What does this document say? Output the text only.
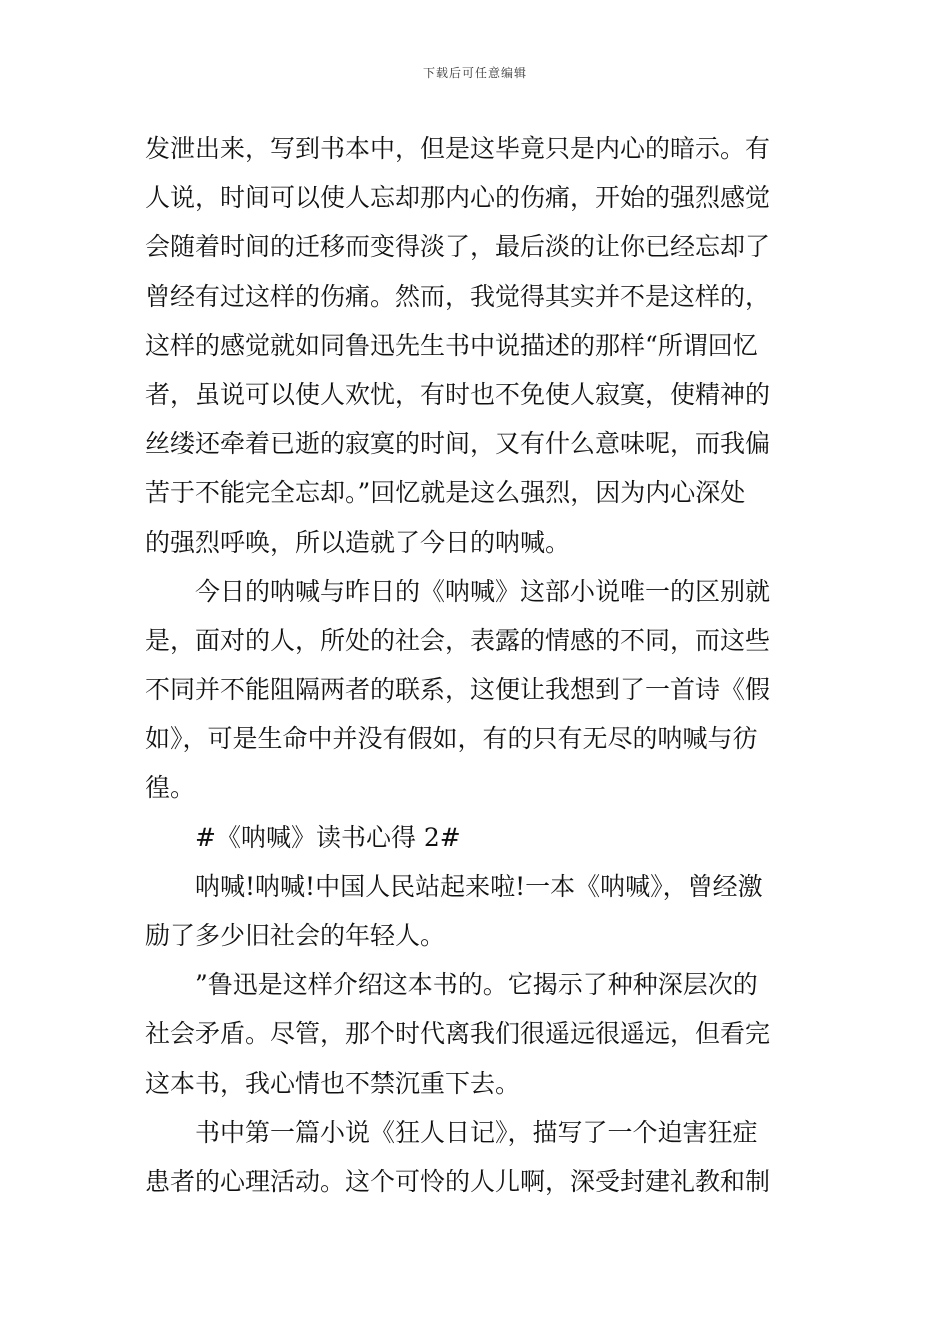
下载后可任意编辑
发泄出来，写到书本中，但是这毕竟只是内心的暗示。有
人说，时间可以使人忘却那内心的伤痛，开始的强烈感觉
会随着时间的迁移而变得淡了，最后淡的让你已经忘却了
曾经有过这样的伤痛。然而，我觉得其实并不是这样的，
这样的感觉就如同鲁迅先生书中说描述的那样“所谓回忆
者，虽说可以使人欢忧，有时也不免使人寂寞，使精神的
丝缕还牵着已逝的寂寞的时间，又有什么意味呢，而我偏
苦于不能完全忘却。”回忆就是这么强烈，因为内心深处
的强烈呼唤，所以造就了今日的呐喊。
今日的呐喊与昨日的《呐喊》这部小说唯一的区别就
是，面对的人，所处的社会，表露的情感的不同，而这些
不同并不能阻隔两者的联系，这便让我想到了一首诗《假
如》，可是生命中并没有假如，有的只有无尽的呐喊与彷
徨。
#《呐喊》读书心得 2#
呐喊!呐喊!中国人民站起来啦!一本《呐喊》，曾经激
励了多少旧社会的年轻人。
”鲁迅是这样介绍这本书的。它揭示了种种深层次的
社会矛盾。尽管，那个时代离我们很遥远很遥远，但看完
这本书，我心情也不禁沉重下去。
书中第一篇小说《狂人日记》，描写了一个迫害狂症
患者的心理活动。这个可怜的人儿啊，深受封建礼教和制
